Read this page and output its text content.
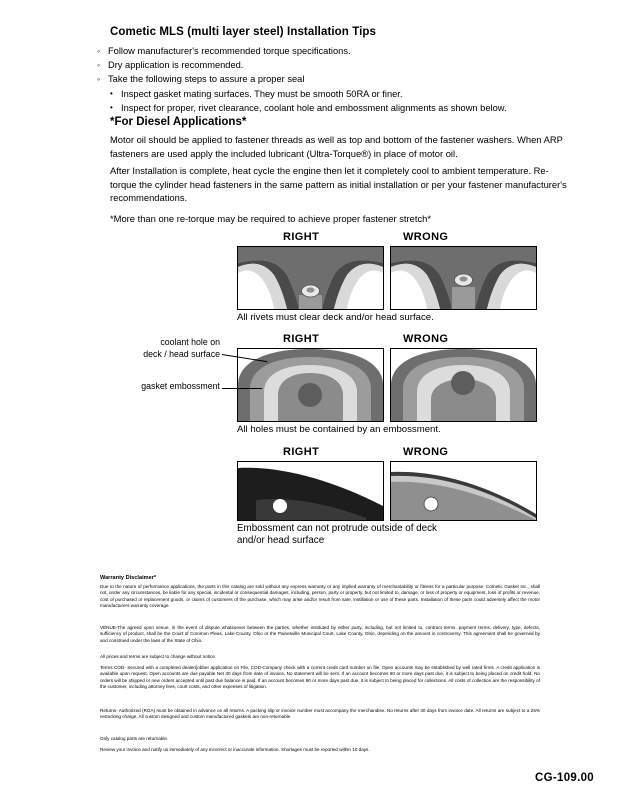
Cometic MLS (multi layer steel) Installation Tips
◦ Follow manufacturer's recommended torque specifications.
◦ Dry application is recommended.
◦ Take the following steps to assure a proper seal
• Inspect gasket mating surfaces. They must be smooth 50RA or finer.
• Inspect for proper, rivet clearance, coolant hole and embossment alignments as shown below.
*For Diesel Applications*
Motor oil should be applied to fastener threads as well as top and bottom of the fastener washers. When ARP fasteners are used apply the included lubricant (Ultra-Torque®) in place of motor oil.
After Installation is complete, heat cycle the engine then let it completely cool to ambient temperature. Re-torque the cylinder head fasteners in the same pattern as initial installation or per your fastener manufacturer's recommendations.
*More than one re-torque may be required to achieve proper fastener stretch*
RIGHT	WRONG
All rivets must clear deck and/or head surface.
RIGHT	WRONG
coolant hole on
deck / head surface
gasket embossment
All holes must be contained by an embossment.
RIGHT	WRONG
Embossment can not protrude outside of deck
and/or head surface
Warranty Disclaimer*
Due to the nature of performance applications, the parts in this catalog are sold without any express warranty or any implied warranty of merchantability or fitness for a particular purpose. Cometic Gasket Inc., shall not, under any circumstances, be liable for any special, incidental or consequential damages, including, person, party or property, but not limited to, damage, or loss of property or equipment, loss of profits or revenue, cost of purchased or replacement goods, or claims of customers of the purchase, which may arise and/or result from sale, instillation or use of these parts. Installation of these parts could adversely affect the motor manufacturers warranty coverage.
VENUE-The agreed upon venue, in the event of dispute whatsoever between the parties, whether instituted by either party, including, but not limited to, contract terms, payment terms, delivery, type, defects, sufficiency of product, shall be the Court of Common Pleas, Lake County, Ohio or the Painesville Municipal Court, Lake County, Ohio, depending on the amount in controversy. This agreement shall be governed by and construed under the laws of the State of Ohio.
All prices and terms are subject to change without notice.
Terms COD- Secured with a completed dealer/jobber application on File, COD-Company check with a current credit card number on file. Open accounts may be established by well rated firms. A credit application is available upon request. Open accounts are due payable Net 30 days from date of invoice. No statement will be sent. If an account becomes 60 or more days past due, it is subject to being placed on credit hold. No orders will be shipped or new orders accepted until past due balance is paid. If an account becomes 90 or more days past due, it is subject to being placed for collections. All costs of collection are the responsibility of the customer, including attorney fees, court costs, and other expenses of litigation.
Returns- Authorized (RGA) must be obtained in advance on all returns. A packing slip or invoice number must accompany the merchandise. No returns after 30 days from invoice date. All returns are subject to a 25% restocking charge. All custom designed and custom manufactured gaskets are non-returnable.
Only catalog parts are returnable.
Review your invoice and notify us immediately of any incorrect or inaccurate information. Shortages must be reported within 10 days.
CG-109.00
